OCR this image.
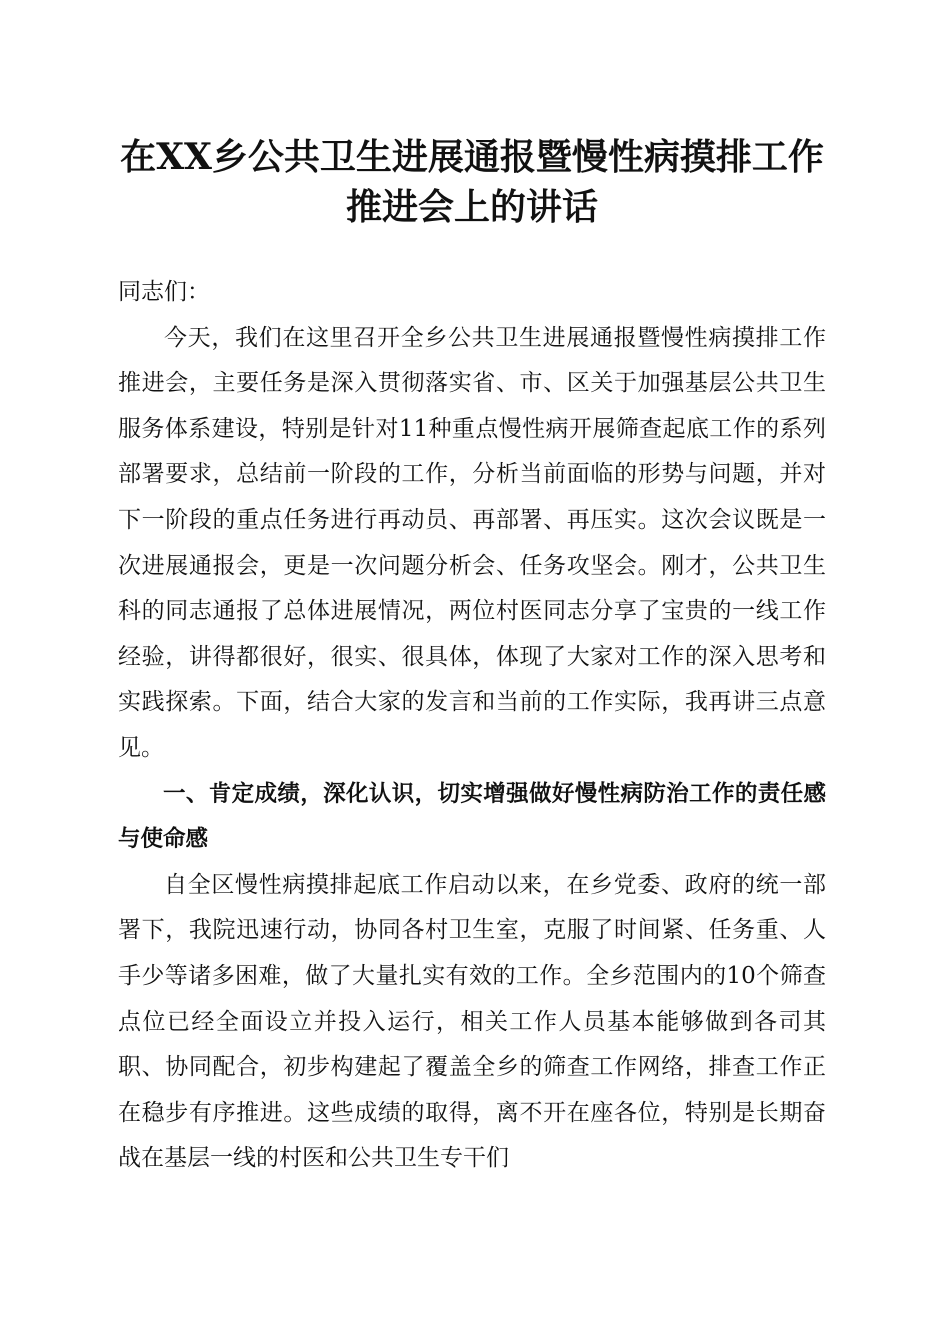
在XX乡公共卫生进展通报暨慢性病摸排工作
推进会上的讲话

同志们：

今天，我们在这里召开全乡公共卫生进展通报暨慢性病摸排工作推进会，主要任务是深入贯彻落实省、市、区关于加强基层公共卫生服务体系建设，特别是针对11种重点慢性病开展筛查起底工作的系列部署要求，总结前一阶段的工作，分析当前面临的形势与问题，并对下一阶段的重点任务进行再动员、再部署、再压实。这次会议既是一次进展通报会，更是一次问题分析会、任务攻坚会。刚才，公共卫生科的同志通报了总体进展情况，两位村医同志分享了宝贵的一线工作经验，讲得都很好，很实、很具体，体现了大家对工作的深入思考和实践探索。下面，结合大家的发言和当前的工作实际，我再讲三点意见。

一、肯定成绩，深化认识，切实增强做好慢性病防治工作的责任感与使命感

自全区慢性病摸排起底工作启动以来，在乡党委、政府的统一部署下，我院迅速行动，协同各村卫生室，克服了时间紧、任务重、人手少等诸多困难，做了大量扎实有效的工作。全乡范围内的10个筛查点位已经全面设立并投入运行，相关工作人员基本能够做到各司其职、协同配合，初步构建起了覆盖全乡的筛查工作网络，排查工作正在稳步有序推进。这些成绩的取得，离不开在座各位，特别是长期奋战在基层一线的村医和公共卫生专干们
